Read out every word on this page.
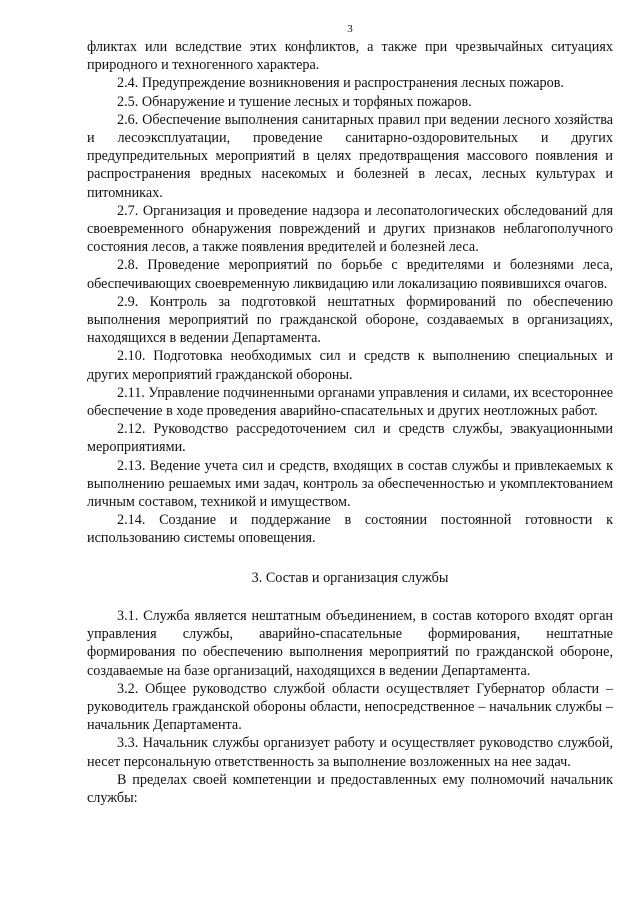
3

фликтах или вследствие этих конфликтов, а также при чрезвычайных ситуациях природного и техногенного характера.

2.4. Предупреждение возникновения и распространения лесных пожаров.

2.5. Обнаружение и тушение лесных и торфяных пожаров.

2.6. Обеспечение выполнения санитарных правил при ведении лесного хозяйства и лесоэксплуатации, проведение санитарно-оздоровительных и других предупредительных мероприятий в целях предотвращения массового появления и распространения вредных насекомых и болезней в лесах, лесных культурах и питомниках.

2.7. Организация и проведение надзора и лесопатологических обследований для своевременного обнаружения повреждений и других признаков неблагополучного состояния лесов, а также появления вредителей и болезней леса.

2.8. Проведение мероприятий по борьбе с вредителями и болезнями леса, обеспечивающих своевременную ликвидацию или локализацию появившихся очагов.

2.9. Контроль за подготовкой нештатных формирований по обеспечению выполнения мероприятий по гражданской обороне, создаваемых в организациях, находящихся в ведении Департамента.

2.10. Подготовка необходимых сил и средств к выполнению специальных и других мероприятий гражданской обороны.

2.11. Управление подчиненными органами управления и силами, их всестороннее обеспечение в ходе проведения аварийно-спасательных и других неотложных работ.

2.12. Руководство рассредоточением сил и средств службы, эвакуационными мероприятиями.

2.13. Ведение учета сил и средств, входящих в состав службы и привлекаемых к выполнению решаемых ими задач, контроль за обеспеченностью и укомплектованием личным составом, техникой и имуществом.

2.14. Создание и поддержание в состоянии постоянной готовности к использованию системы оповещения.

3. Состав и организация службы

3.1. Служба является нештатным объединением, в состав которого входят орган управления службы, аварийно-спасательные формирования, нештатные формирования по обеспечению выполнения мероприятий по гражданской обороне, создаваемые на базе организаций, находящихся в ведении Департамента.

3.2. Общее руководство службой области осуществляет Губернатор области – руководитель гражданской обороны области, непосредственное – начальник службы – начальник Департамента.

3.3. Начальник службы организует работу и осуществляет руководство службой, несет персональную ответственность за выполнение возложенных на нее задач.

В пределах своей компетенции и предоставленных ему полномочий начальник службы:
